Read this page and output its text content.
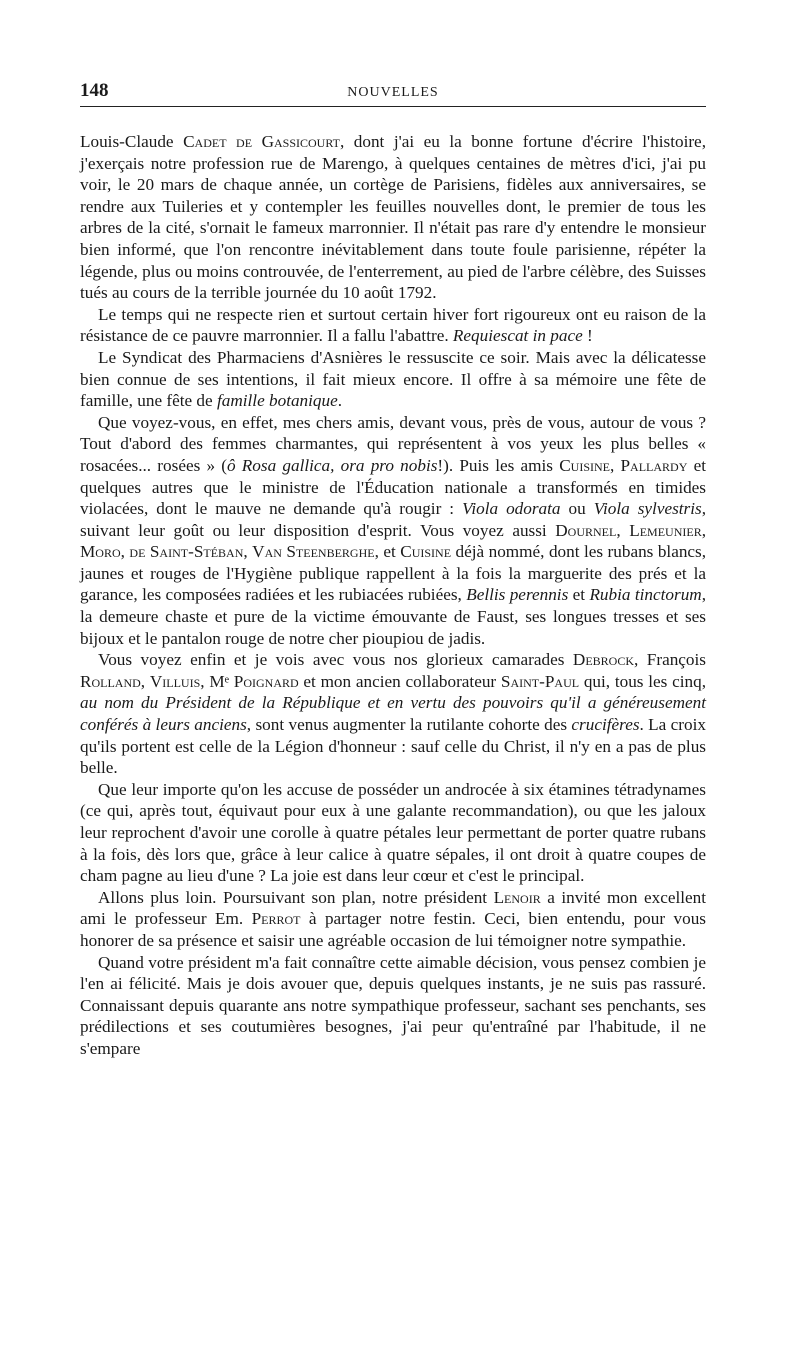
148	NOUVELLES

Louis-Claude Cadet de Gassicourt, dont j'ai eu la bonne fortune d'écrire l'histoire, j'exerçais notre profession rue de Marengo, à quelques centaines de mètres d'ici, j'ai pu voir, le 20 mars de chaque année, un cortège de Parisiens, fidèles aux anniversaires, se rendre aux Tuileries et y contempler les feuilles nouvelles dont, le premier de tous les arbres de la cité, s'ornait le fameux marronnier. Il n'était pas rare d'y entendre le monsieur bien informé, que l'on rencontre inévitablement dans toute foule parisienne, répéter la légende, plus ou moins controuvée, de l'enterrement, au pied de l'arbre célèbre, des Suisses tués au cours de la terrible journée du 10 août 1792.

Le temps qui ne respecte rien et surtout certain hiver fort rigoureux ont eu raison de la résistance de ce pauvre marronnier. Il a fallu l'abattre. Requiescat in pace !

Le Syndicat des Pharmaciens d'Asnières le ressuscite ce soir. Mais avec la délicatesse bien connue de ses intentions, il fait mieux encore. Il offre à sa mémoire une fête de famille, une fête de famille botanique.

Que voyez-vous, en effet, mes chers amis, devant vous, près de vous, autour de vous ? Tout d'abord des femmes charmantes, qui représentent à vos yeux les plus belles « rosacées... rosées » (ô Rosa gallica, ora pro nobis!). Puis les amis Cuisine, Pallardy et quelques autres que le ministre de l'Éducation nationale a transformés en timides violacées, dont le mauve ne demande qu'à rougir : Viola odorata ou Viola sylvestris, suivant leur goût ou leur disposition d'esprit. Vous voyez aussi Dournel, Lemeunier, Moro, de Saint-Stéban, Van Steenberghe, et Cuisine déjà nommé, dont les rubans blancs, jaunes et rouges de l'Hygiène publique rappellent à la fois la marguerite des prés et la garance, les composées radiées et les rubiacées rubiées, Bellis perennis et Rubia tinctorum, la demeure chaste et pure de la victime émouvante de Faust, ses longues tresses et ses bijoux et le pantalon rouge de notre cher pioupiou de jadis.

Vous voyez enfin et je vois avec vous nos glorieux camarades Debrock, François Rolland, Villuis, Mᵉ Poignard et mon ancien collaborateur Saint-Paul qui, tous les cinq, au nom du Président de la République et en vertu des pouvoirs qu'il a généreusement conférés à leurs anciens, sont venus augmenter la rutilante cohorte des crucifères. La croix qu'ils portent est celle de la Légion d'honneur : sauf celle du Christ, il n'y en a pas de plus belle.

Que leur importe qu'on les accuse de posséder un androcée à six étamines tétradynames (ce qui, après tout, équivaut pour eux à une galante recommandation), ou que les jaloux leur reprochent d'avoir une corolle à quatre pétales leur permettant de porter quatre rubans à la fois, dès lors que, grâce à leur calice à quatre sépales, il ont droit à quatre coupes de cham pagne au lieu d'une ? La joie est dans leur cœur et c'est le principal.

Allons plus loin. Poursuivant son plan, notre président Lenoir a invité mon excellent ami le professeur Em. Perrot à partager notre festin. Ceci, bien entendu, pour vous honorer de sa présence et saisir une agréable occasion de lui témoigner notre sympathie.

Quand votre président m'a fait connaître cette aimable décision, vous pensez combien je l'en ai félicité. Mais je dois avouer que, depuis quelques instants, je ne suis pas rassuré. Connaissant depuis quarante ans notre sympathique professeur, sachant ses penchants, ses prédilections et ses coutumières besognes, j'ai peur qu'entraîné par l'habitude, il ne s'empare
